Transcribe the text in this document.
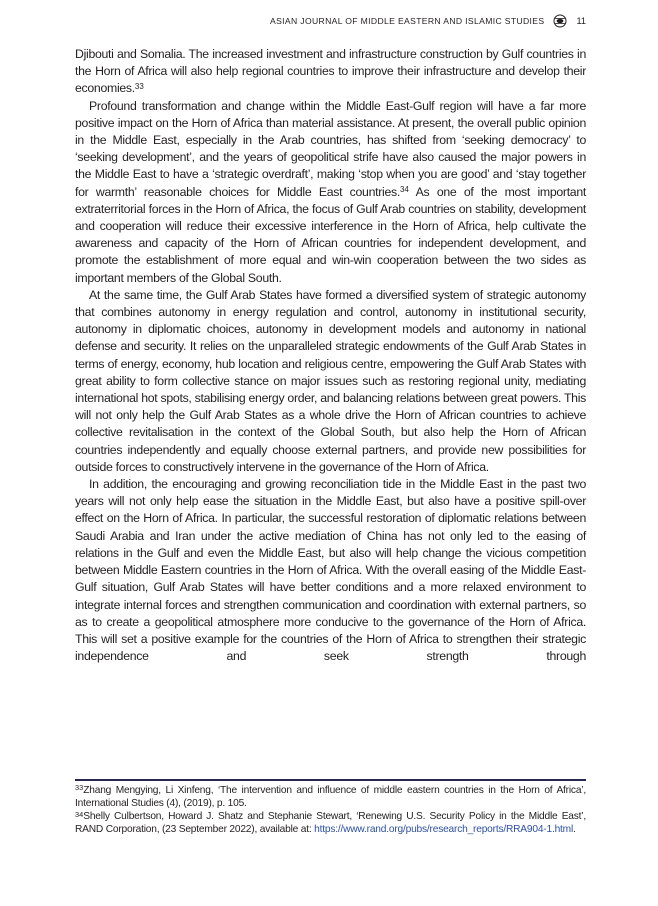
ASIAN JOURNAL OF MIDDLE EASTERN AND ISLAMIC STUDIES	11

Djibouti and Somalia. The increased investment and infrastructure construction by Gulf countries in the Horn of Africa will also help regional countries to improve their infrastructure and develop their economies.$^{33}$

Profound transformation and change within the Middle East-Gulf region will have a far more positive impact on the Horn of Africa than material assistance. At present, the overall public opinion in the Middle East, especially in the Arab countries, has shifted from ‘seeking democracy’ to ‘seeking development’, and the years of geopolitical strife have also caused the major powers in the Middle East to have a ‘strategic overdraft’, making ‘stop when you are good’ and ‘stay together for warmth’ reasonable choices for Middle East countries.$^{34}$ As one of the most important extraterritorial forces in the Horn of Africa, the focus of Gulf Arab countries on stability, development and cooperation will reduce their excessive interference in the Horn of Africa, help cultivate the awareness and capacity of the Horn of African countries for independent development, and promote the establishment of more equal and win-win cooperation between the two sides as important members of the Global South.

At the same time, the Gulf Arab States have formed a diversified system of strategic autonomy that combines autonomy in energy regulation and control, autonomy in institutional security, autonomy in diplomatic choices, autonomy in development models and autonomy in national defense and security. It relies on the unparalleled strategic endowments of the Gulf Arab States in terms of energy, economy, hub location and religious centre, empowering the Gulf Arab States with great ability to form collective stance on major issues such as restoring regional unity, mediating international hot spots, stabilising energy order, and balancing relations between great powers. This will not only help the Gulf Arab States as a whole drive the Horn of African countries to achieve collective revitalisation in the context of the Global South, but also help the Horn of African countries independently and equally choose external partners, and provide new possibilities for outside forces to constructively intervene in the governance of the Horn of Africa.

In addition, the encouraging and growing reconciliation tide in the Middle East in the past two years will not only help ease the situation in the Middle East, but also have a positive spill-over effect on the Horn of Africa. In particular, the successful restoration of diplomatic relations between Saudi Arabia and Iran under the active mediation of China has not only led to the easing of relations in the Gulf and even the Middle East, but also will help change the vicious competition between Middle Eastern countries in the Horn of Africa. With the overall easing of the Middle East-Gulf situation, Gulf Arab States will have better conditions and a more relaxed environment to integrate internal forces and strengthen communication and coordination with external partners, so as to create a geopolitical atmosphere more conducive to the governance of the Horn of Africa. This will set a positive example for the countries of the Horn of Africa to strengthen their strategic independence and seek strength through

$^{33}$Zhang Mengying, Li Xinfeng, ‘The intervention and influence of middle eastern countries in the Horn of Africa’, International Studies (4), (2019), p. 105.

$^{34}$Shelly Culbertson, Howard J. Shatz and Stephanie Stewart, ‘Renewing U.S. Security Policy in the Middle East’, RAND Corporation, (23 September 2022), available at: https://www.rand.org/pubs/research_reports/RRA904-1.html.
